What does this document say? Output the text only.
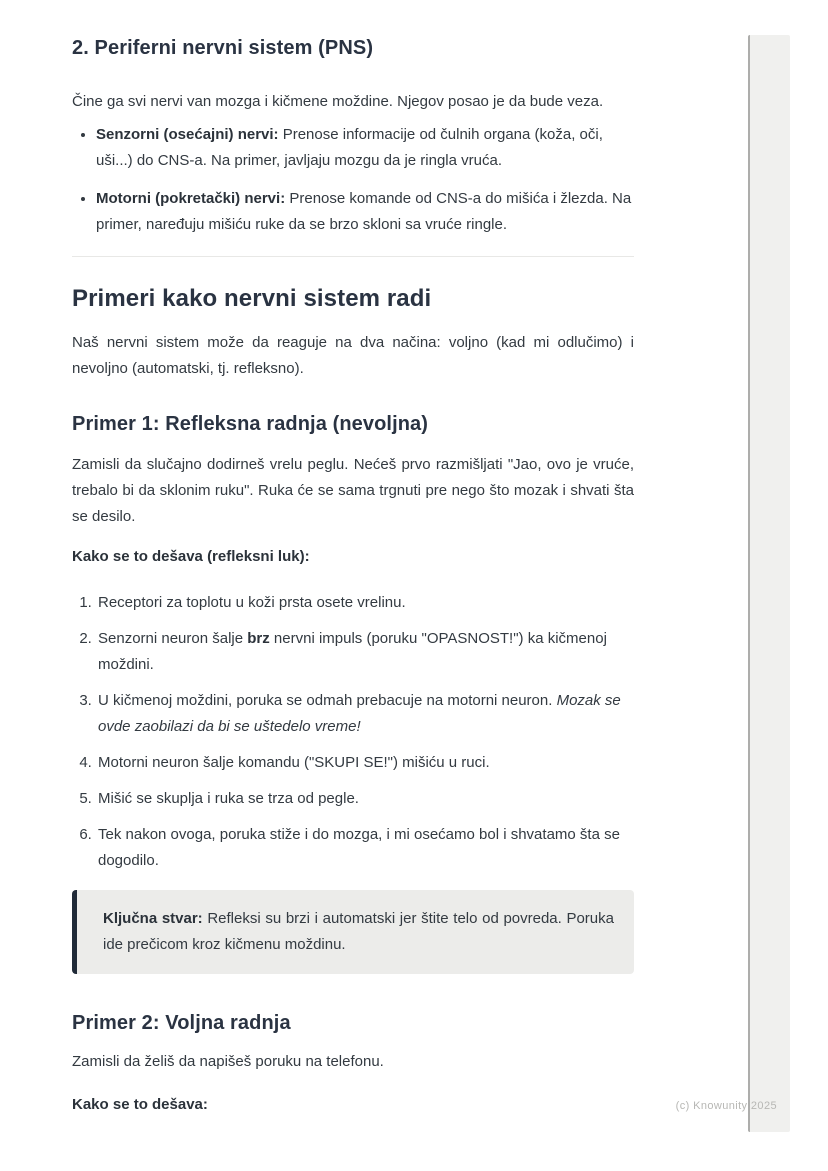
2. Periferni nervni sistem (PNS)

Čine ga svi nervi van mozga i kičmene moždine. Njegov posao je da bude veza.

• Senzorni (osećajni) nervi: Prenose informacije od čulnih organa (koža, oči, uši...) do CNS-a. Na primer, javljaju mozgu da je ringla vruća.
• Motorni (pokretački) nervi: Prenose komande od CNS-a do mišića i žlezda. Na primer, naređuju mišiću ruke da se brzo skloni sa vruće ringle.
Primeri kako nervni sistem radi

Naš nervni sistem može da reaguje na dva načina: voljno (kad mi odlučimo) i nevoljno (automatski, tj. refleksno).

Primer 1: Refleksna radnja (nevoljna)

Zamisli da slučajno dodirneš vrelu peglu. Nećeš prvo razmišljati "Jao, ovo je vruće, trebalo bi da sklonim ruku". Ruka će se sama trgnuti pre nego što mozak i shvati šta se desilo.

Kako se to dešava (refleksni luk):

1. Receptori za toplotu u koži prsta osete vrelinu.
2. Senzorni neuron šalje brz nervni impuls (poruku "OPASNOST!") ka kičmenoj moždini.
3. U kičmenoj moždini, poruka se odmah prebacuje na motorni neuron. Mozak se ovde zaobilazi da bi se uštedelo vreme!
4. Motorni neuron šalje komandu ("SKUPI SE!") mišiću u ruci.
5. Mišić se skuplja i ruka se trza od pegle.
6. Tek nakon ovoga, poruka stiže i do mozga, i mi osećamo bol i shvatamo šta se dogodilo.

Ključna stvar: Refleksi su brzi i automatski jer štite telo od povreda. Poruka ide prečicom kroz kičmenu moždinu.

Primer 2: Voljna radnja

Zamisli da želiš da napišeš poruku na telefonu.

Kako se to dešava:	(c) Knowunity 2025
